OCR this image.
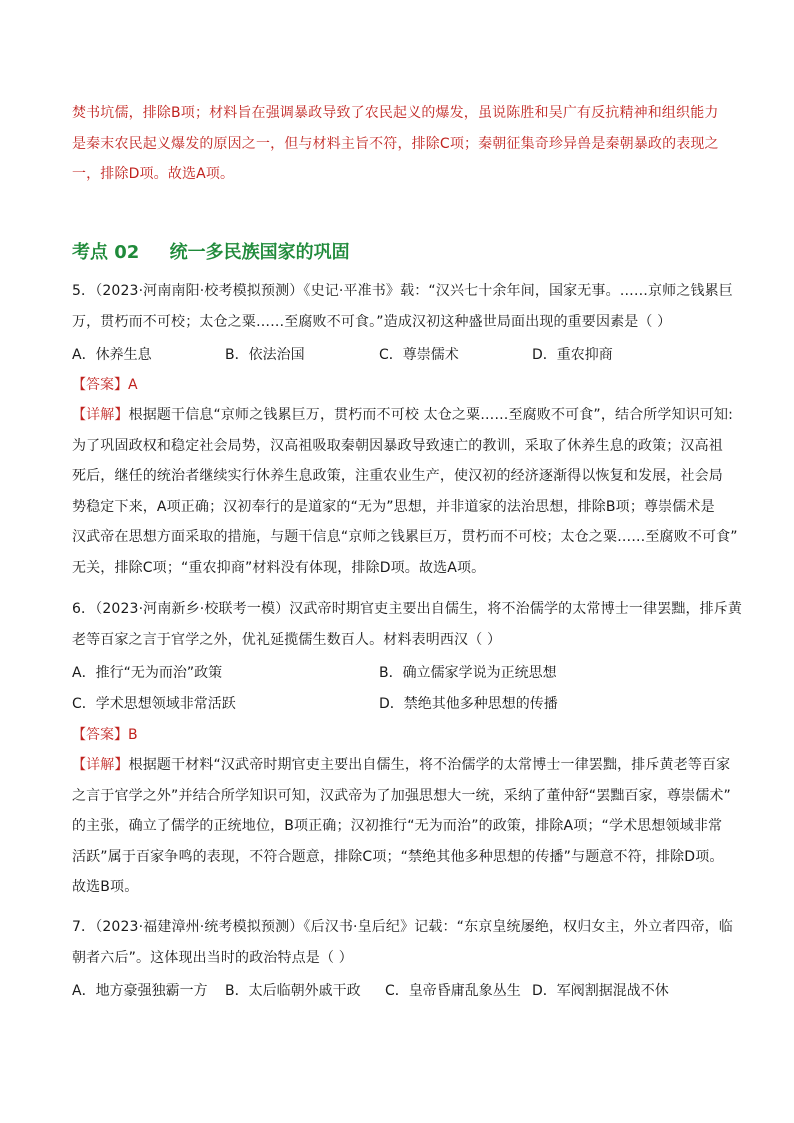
焚书坑儒，排除B项；材料旨在强调暴政导致了农民起义的爆发，虽说陈胜和吴广有反抗精神和组织能力
是秦末农民起义爆发的原因之一，但与材料主旨不符，排除C项；秦朝征集奇珍异兽是秦朝暴政的表现之
一，排除D项。故选A项。
考点 02 统一多民族国家的巩固
5．（2023·河南南阳·校考模拟预测）《史记·平准书》载：“汉兴七十余年间，国家无事。……京师之钱累巨
万，贯朽而不可校；太仓之粟……至腐败不可食。”造成汉初这种盛世局面出现的重要因素是（ ）
A．休养生息	B．依法治国	C．尊崇儒术	D．重农抑商
【答案】A
【详解】根据题干信息“京师之钱累巨万，贯朽而不可校 太仓之粟……至腐败不可食”，结合所学知识可知:
为了巩固政权和稳定社会局势，汉高祖吸取秦朝因暴政导致速亡的教训，采取了休养生息的政策；汉高祖
死后，继任的统治者继续实行休养生息政策，注重农业生产，使汉初的经济逐渐得以恢复和发展，社会局
势稳定下来，A项正确；汉初奉行的是道家的“无为”思想，并非道家的法治思想，排除B项；尊崇儒术是
汉武帝在思想方面采取的措施，与题干信息“京师之钱累巨万，贯朽而不可校；太仓之粟……至腐败不可食”
无关，排除C项；“重农抑商”材料没有体现，排除D项。故选A项。
6．（2023·河南新乡·校联考一模）汉武帝时期官吏主要出自儒生，将不治儒学的太常博士一律罢黜，排斥黄
老等百家之言于官学之外，优礼延揽儒生数百人。材料表明西汉（ ）
A．推行“无为而治”政策	B．确立儒家学说为正统思想
C．学术思想领域非常活跃	D．禁绝其他多种思想的传播
【答案】B
【详解】根据题干材料“汉武帝时期官吏主要出自儒生，将不治儒学的太常博士一律罢黜，排斥黄老等百家
之言于官学之外”并结合所学知识可知，汉武帝为了加强思想大一统，采纳了董仲舒“罢黜百家，尊崇儒术”
的主张，确立了儒学的正统地位，B项正确；汉初推行“无为而治”的政策，排除A项；“学术思想领域非常
活跃”属于百家争鸣的表现，不符合题意，排除C项；“禁绝其他多种思想的传播”与题意不符，排除D项。
故选B项。
7．（2023·福建漳州·统考模拟预测）《后汉书·皇后纪》记载：“东京皇统屡绝，权归女主，外立者四帝，临
朝者六后”。这体现出当时的政治特点是（ ）
A．地方豪强独霸一方 B．太后临朝外戚干政 C．皇帝昏庸乱象丛生 D．军阀割据混战不休
